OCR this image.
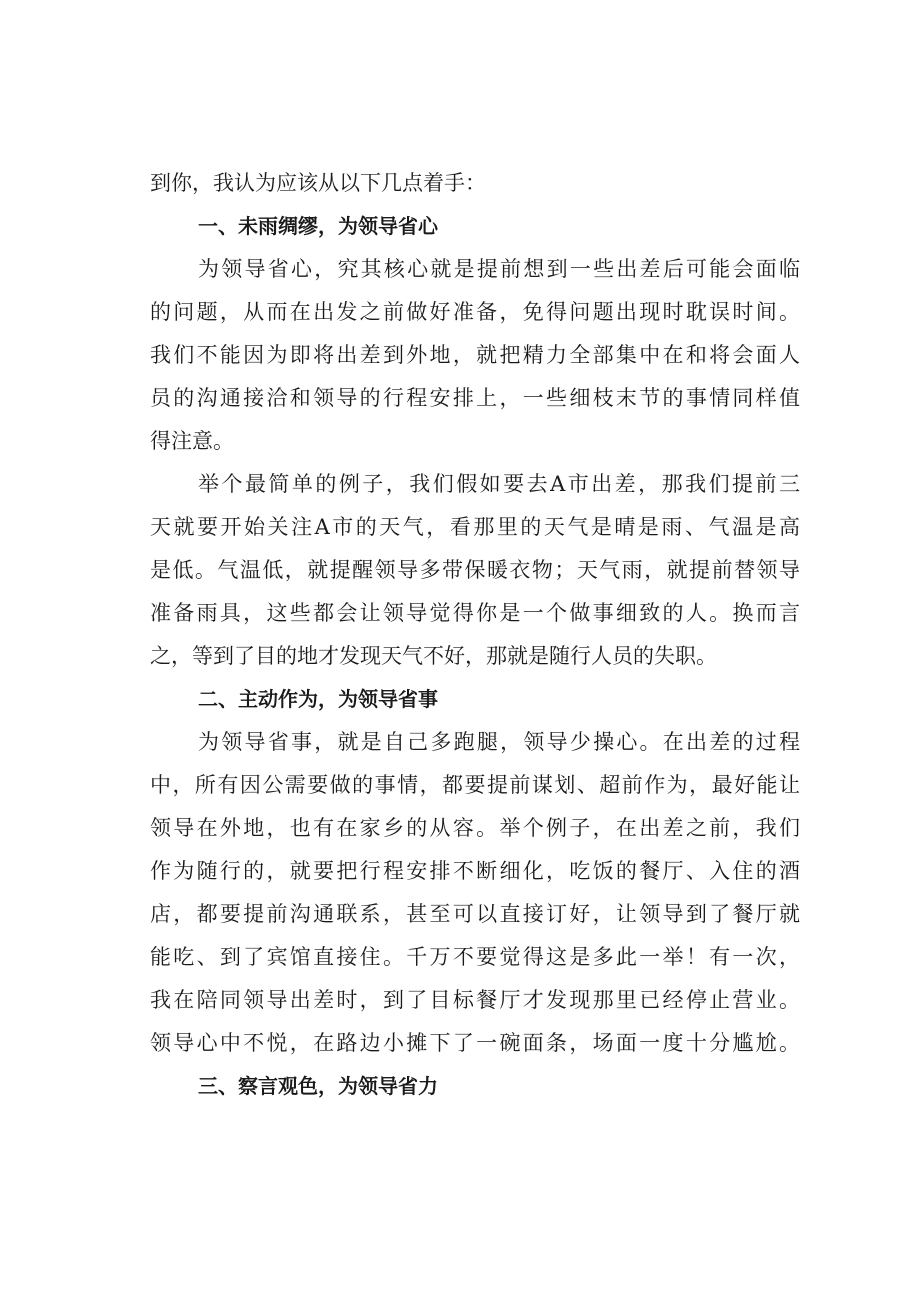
到你，我认为应该从以下几点着手：
一、未雨绸缪，为领导省心
为领导省心，究其核心就是提前想到一些出差后可能会面临
的问题，从而在出发之前做好准备，免得问题出现时耽误时间。
我们不能因为即将出差到外地，就把精力全部集中在和将会面人
员的沟通接洽和领导的行程安排上，一些细枝末节的事情同样值
得注意。
举个最简单的例子，我们假如要去A市出差，那我们提前三
天就要开始关注A市的天气，看那里的天气是晴是雨、气温是高
是低。气温低，就提醒领导多带保暖衣物；天气雨，就提前替领导
准备雨具，这些都会让领导觉得你是一个做事细致的人。换而言
之，等到了目的地才发现天气不好，那就是随行人员的失职。
二、主动作为，为领导省事
为领导省事，就是自己多跑腿，领导少操心。在出差的过程
中，所有因公需要做的事情，都要提前谋划、超前作为，最好能让
领导在外地，也有在家乡的从容。举个例子，在出差之前，我们
作为随行的，就要把行程安排不断细化，吃饭的餐厅、入住的酒
店，都要提前沟通联系，甚至可以直接订好，让领导到了餐厅就
能吃、到了宾馆直接住。千万不要觉得这是多此一举！有一次，
我在陪同领导出差时，到了目标餐厅才发现那里已经停止营业。
领导心中不悦，在路边小摊下了一碗面条，场面一度十分尴尬。
三、察言观色，为领导省力
